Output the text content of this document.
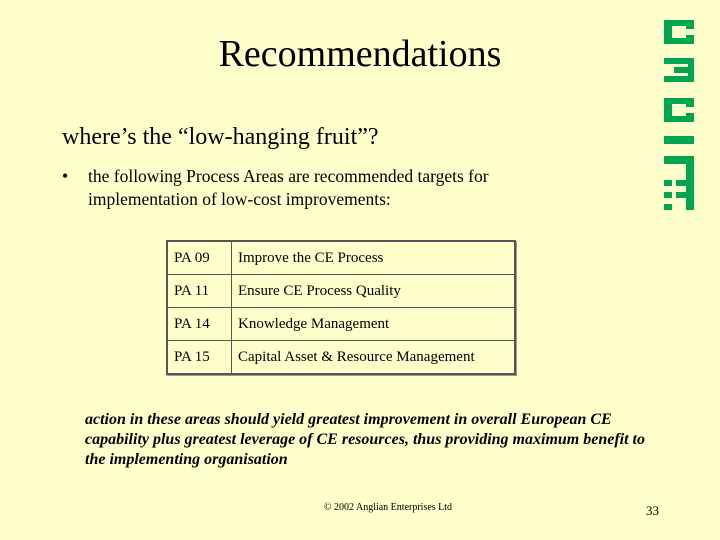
Recommendations
where’s the “low-hanging fruit”?
• the following Process Areas are recommended targets for implementation of low-cost improvements:
PA 09	Improve the CE Process
PA 11	Ensure CE Process Quality
PA 14	Knowledge Management
PA 15	Capital Asset & Resource Management
action in these areas should yield greatest improvement in overall European CE capability plus greatest leverage of CE resources, thus providing maximum benefit to the implementing organisation
© 2002 Anglian Enterprises Ltd	33
